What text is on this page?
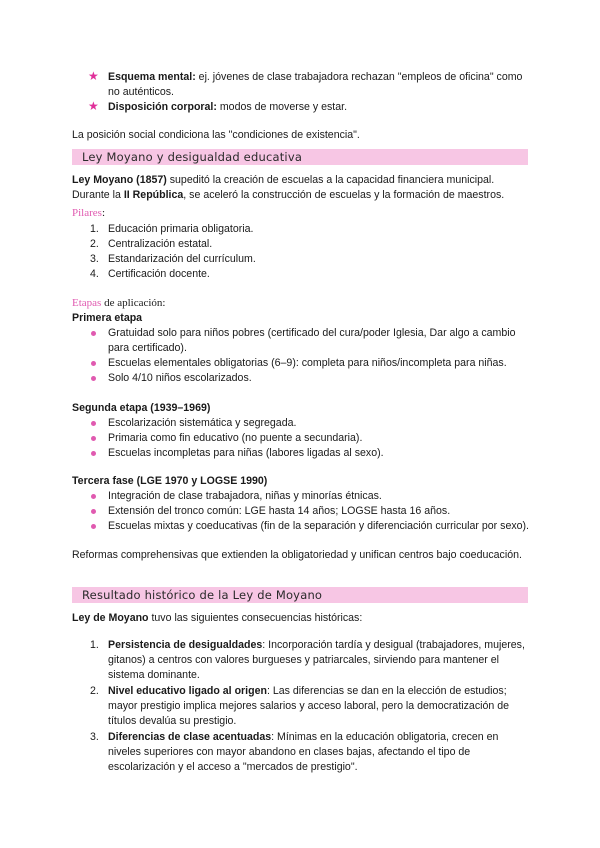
★ Esquema mental: ej. jóvenes de clase trabajadora rechazan "empleos de oficina" como no auténticos.
★ Disposición corporal: modos de moverse y estar.

La posición social condiciona las "condiciones de existencia".

Ley Moyano y desigualdad educativa

Ley Moyano (1857) supeditó la creación de escuelas a la capacidad financiera municipal.

Durante la II República, se aceleró la construcción de escuelas y la formación de maestros.

Pilares:

1. Educación primaria obligatoria.
2. Centralización estatal.
3. Estandarización del currículum.
4. Certificación docente.

Etapas de aplicación:

Primera etapa

Gratuidad solo para niños pobres (certificado del cura/poder Iglesia, Dar algo a cambio para certificado).
Escuelas elementales obligatorias (6–9): completa para niños/incompleta para niñas.
Solo 4/10 niños escolarizados.

Segunda etapa (1939–1969)

Escolarización sistemática y segregada.
Primaria como fin educativo (no puente a secundaria).
Escuelas incompletas para niñas (labores ligadas al sexo).

Tercera fase (LGE 1970 y LOGSE 1990)

Integración de clase trabajadora, niñas y minorías étnicas.
Extensión del tronco común: LGE hasta 14 años; LOGSE hasta 16 años.
Escuelas mixtas y coeducativas (fin de la separación y diferenciación curricular por sexo).

Reformas comprehensivas que extienden la obligatoriedad y unifican centros bajo coeducación.

Resultado histórico de la Ley de Moyano

Ley de Moyano tuvo las siguientes consecuencias históricas:

1. Persistencia de desigualdades: Incorporación tardía y desigual (trabajadores, mujeres, gitanos) a centros con valores burgueses y patriarcales, sirviendo para mantener el sistema dominante.
2. Nivel educativo ligado al origen: Las diferencias se dan en la elección de estudios; mayor prestigio implica mejores salarios y acceso laboral, pero la democratización de títulos devalúa su prestigio.
3. Diferencias de clase acentuadas: Mínimas en la educación obligatoria, crecen en niveles superiores con mayor abandono en clases bajas, afectando el tipo de escolarización y el acceso a "mercados de prestigio".
